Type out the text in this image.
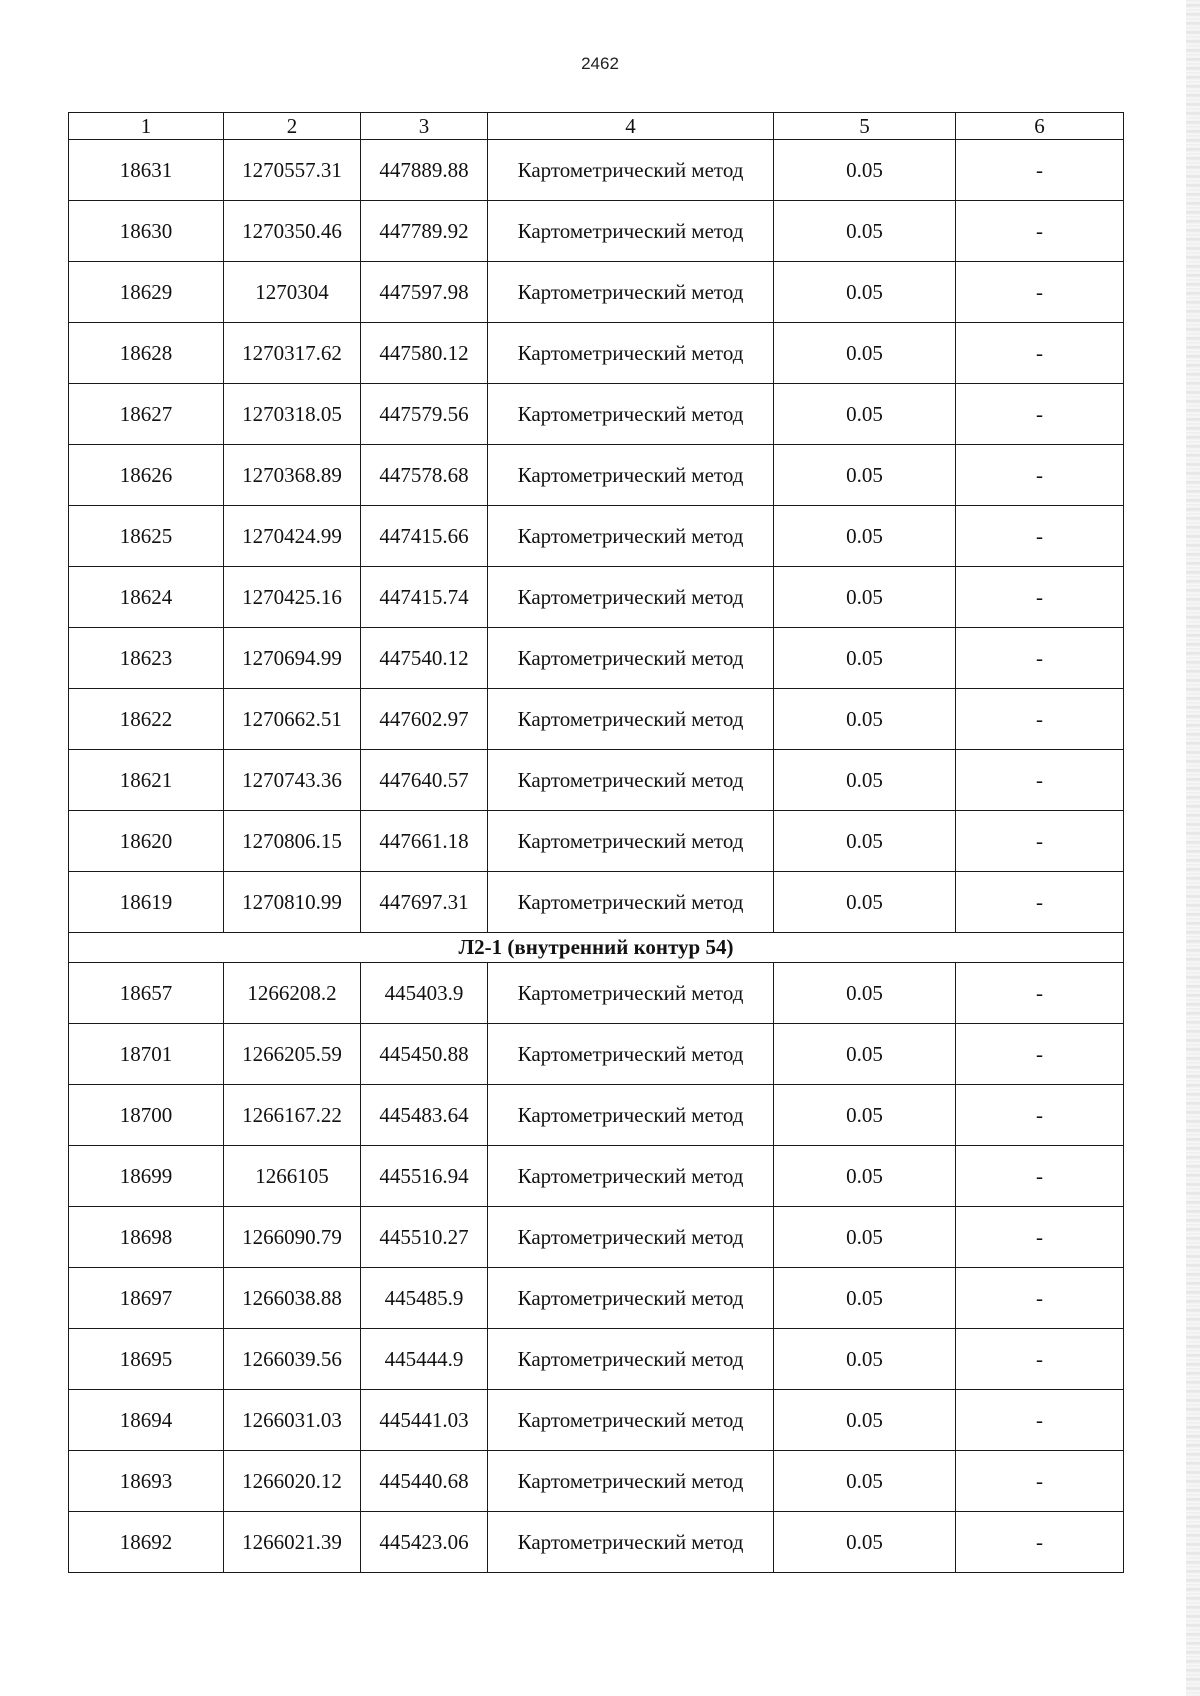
2462
1	2	3	4	5	6
18631	1270557.31	447889.88	Картометрический метод	0.05	-
18630	1270350.46	447789.92	Картометрический метод	0.05	-
18629	1270304	447597.98	Картометрический метод	0.05	-
18628	1270317.62	447580.12	Картометрический метод	0.05	-
18627	1270318.05	447579.56	Картометрический метод	0.05	-
18626	1270368.89	447578.68	Картометрический метод	0.05	-
18625	1270424.99	447415.66	Картометрический метод	0.05	-
18624	1270425.16	447415.74	Картометрический метод	0.05	-
18623	1270694.99	447540.12	Картометрический метод	0.05	-
18622	1270662.51	447602.97	Картометрический метод	0.05	-
18621	1270743.36	447640.57	Картометрический метод	0.05	-
18620	1270806.15	447661.18	Картометрический метод	0.05	-
18619	1270810.99	447697.31	Картометрический метод	0.05	-
Л2-1 (внутренний контур 54)					
18657	1266208.2	445403.9	Картометрический метод	0.05	-
18701	1266205.59	445450.88	Картометрический метод	0.05	-
18700	1266167.22	445483.64	Картометрический метод	0.05	-
18699	1266105	445516.94	Картометрический метод	0.05	-
18698	1266090.79	445510.27	Картометрический метод	0.05	-
18697	1266038.88	445485.9	Картометрический метод	0.05	-
18695	1266039.56	445444.9	Картометрический метод	0.05	-
18694	1266031.03	445441.03	Картометрический метод	0.05	-
18693	1266020.12	445440.68	Картометрический метод	0.05	-
18692	1266021.39	445423.06	Картометрический метод	0.05	-
